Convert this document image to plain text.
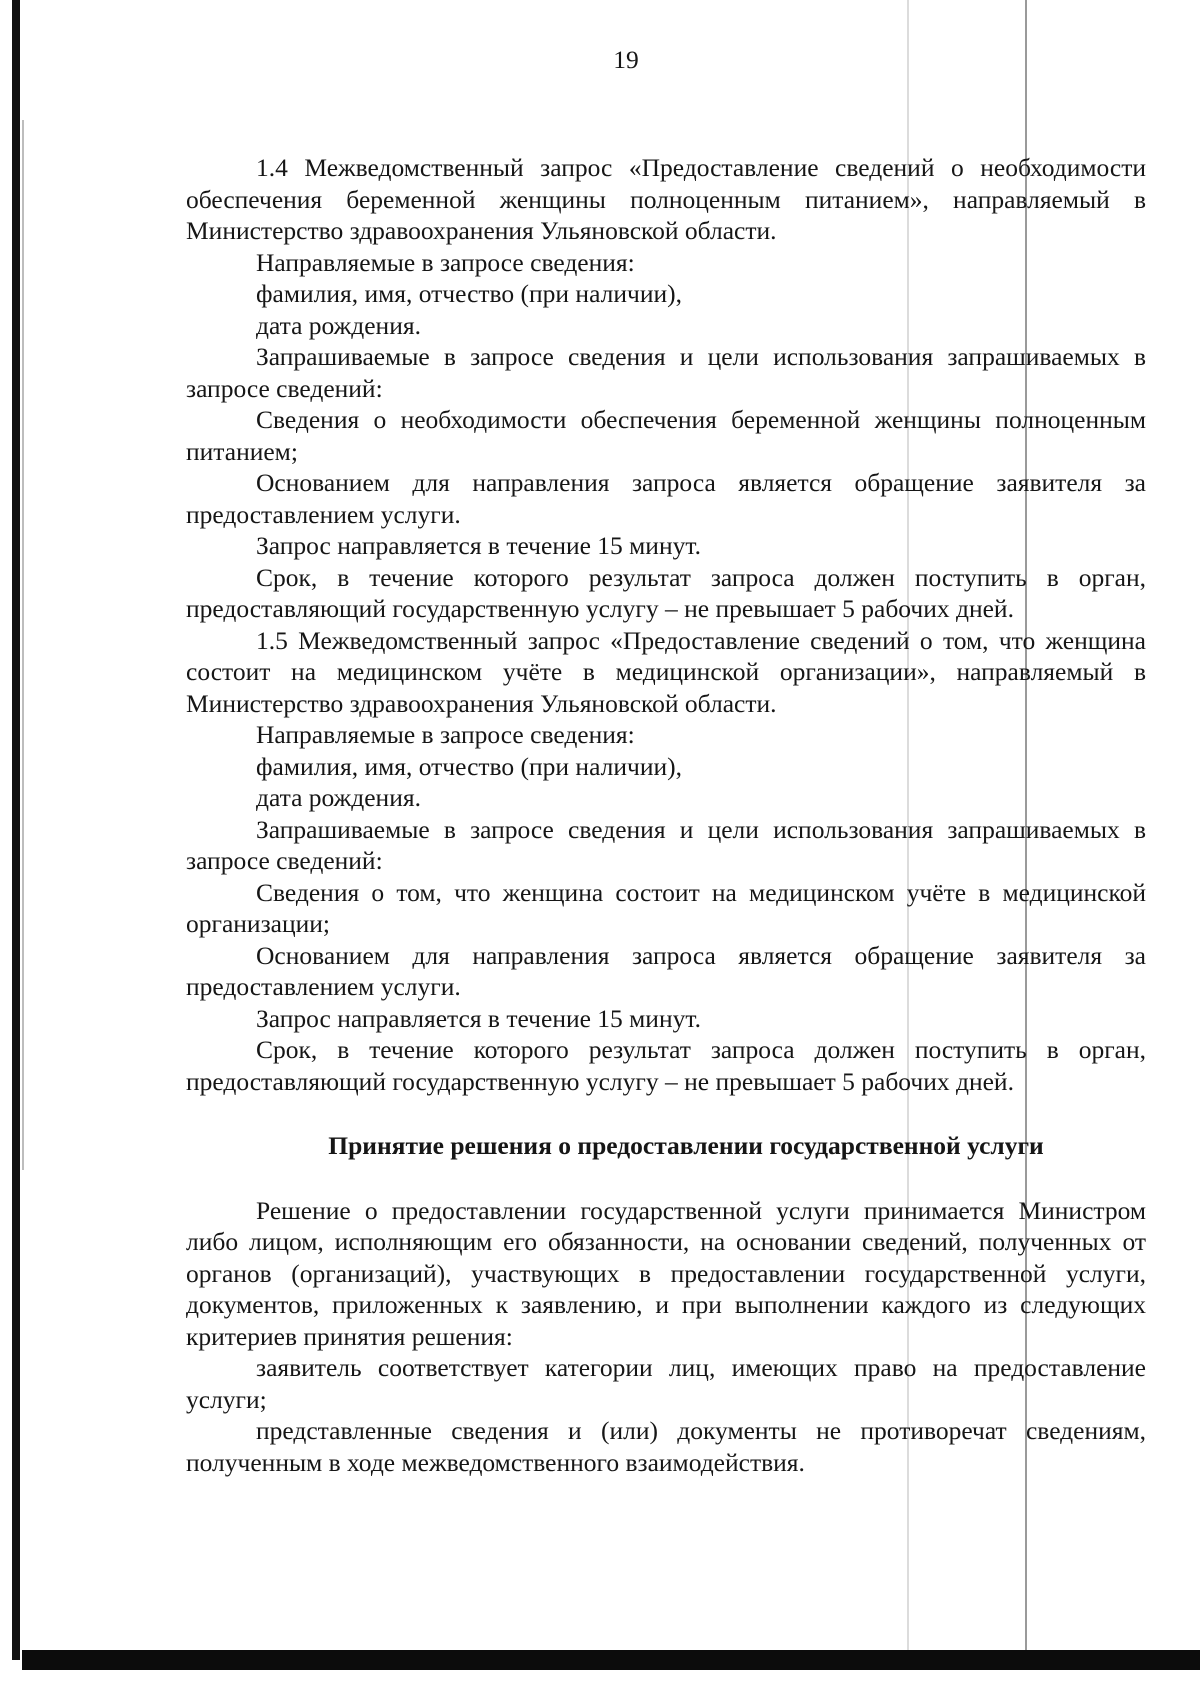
19

1.4 Межведомственный запрос «Предоставление сведений о необходимости обеспечения беременной женщины полноценным питанием», направляемый в Министерство здравоохранения Ульяновской области.

Направляемые в запросе сведения:

фамилия, имя, отчество (при наличии),

дата рождения.

Запрашиваемые в запросе сведения и цели использования запрашиваемых в запросе сведений:

Сведения о необходимости обеспечения беременной женщины полноценным питанием;

Основанием для направления запроса является обращение заявителя за предоставлением услуги.

Запрос направляется в течение 15 минут.

Срок, в течение которого результат запроса должен поступить в орган, предоставляющий государственную услугу – не превышает 5 рабочих дней.

1.5 Межведомственный запрос «Предоставление сведений о том, что женщина состоит на медицинском учёте в медицинской организации», направляемый в Министерство здравоохранения Ульяновской области.

Направляемые в запросе сведения:

фамилия, имя, отчество (при наличии),

дата рождения.

Запрашиваемые в запросе сведения и цели использования запрашиваемых в запросе сведений:

Сведения о том, что женщина состоит на медицинском учёте в медицинской организации;

Основанием для направления запроса является обращение заявителя за предоставлением услуги.

Запрос направляется в течение 15 минут.

Срок, в течение которого результат запроса должен поступить в орган, предоставляющий государственную услугу – не превышает 5 рабочих дней.

Принятие решения о предоставлении государственной услуги

Решение о предоставлении государственной услуги принимается Министром либо лицом, исполняющим его обязанности, на основании сведений, полученных от органов (организаций), участвующих в предоставлении государственной услуги, документов, приложенных к заявлению, и при выполнении каждого из следующих критериев принятия решения:

заявитель соответствует категории лиц, имеющих право на предоставление услуги;

представленные сведения и (или) документы не противоречат сведениям, полученным в ходе межведомственного взаимодействия.
